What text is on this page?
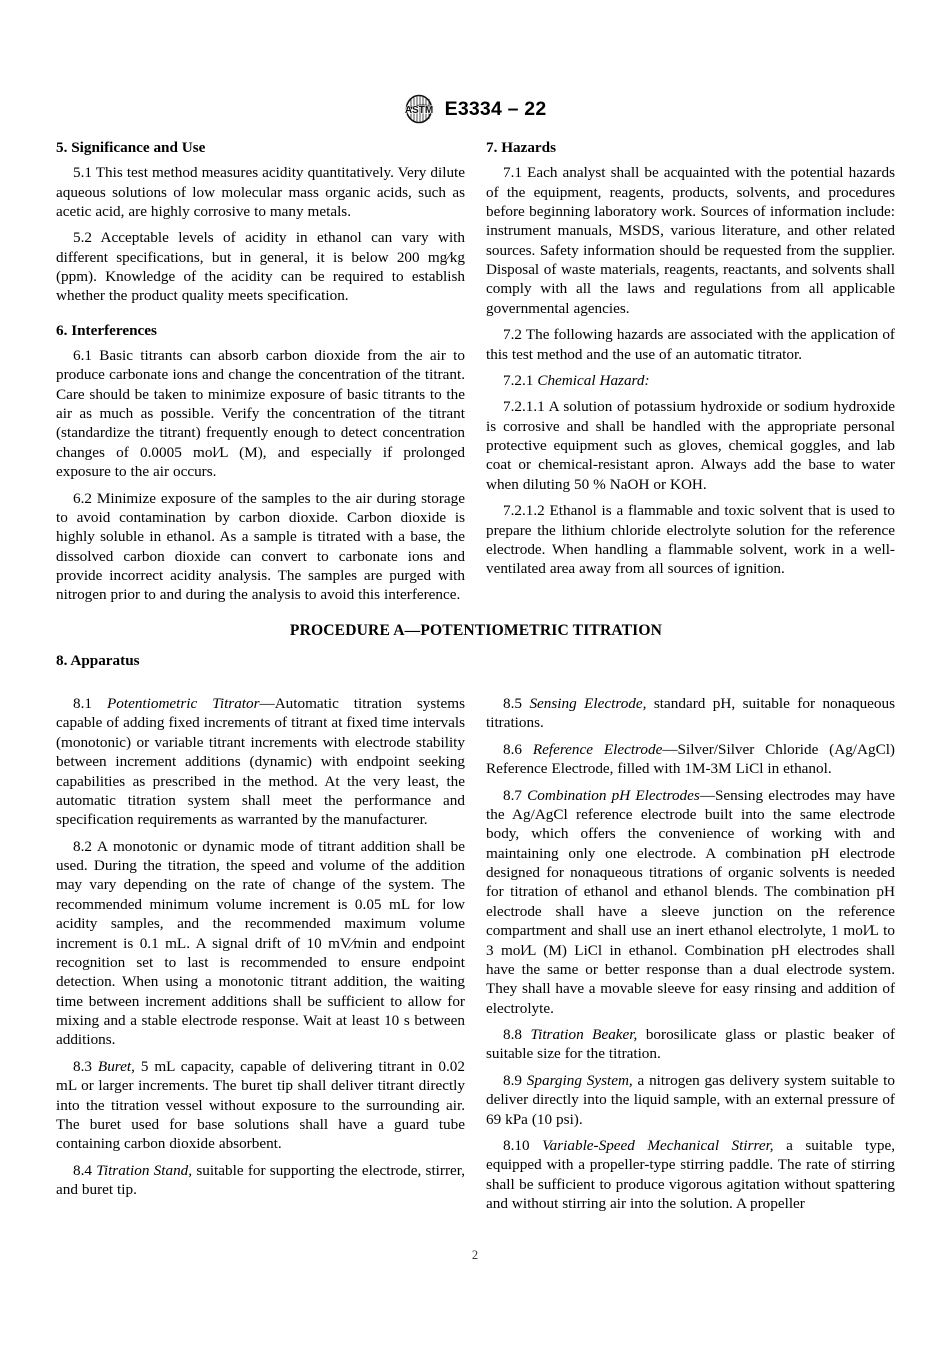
ASTM E3334 – 22
5. Significance and Use

5.1 This test method measures acidity quantitatively. Very dilute aqueous solutions of low molecular mass organic acids, such as acetic acid, are highly corrosive to many metals.

5.2 Acceptable levels of acidity in ethanol can vary with different specifications, but in general, it is below 200 mg∕kg (ppm). Knowledge of the acidity can be required to establish whether the product quality meets specification.

6. Interferences

6.1 Basic titrants can absorb carbon dioxide from the air to produce carbonate ions and change the concentration of the titrant. Care should be taken to minimize exposure of basic titrants to the air as much as possible. Verify the concentration of the titrant (standardize the titrant) frequently enough to detect concentration changes of 0.0005 mol∕L (M), and especially if prolonged exposure to the air occurs.

6.2 Minimize exposure of the samples to the air during storage to avoid contamination by carbon dioxide. Carbon dioxide is highly soluble in ethanol. As a sample is titrated with a base, the dissolved carbon dioxide can convert to carbonate ions and provide incorrect acidity analysis. The samples are purged with nitrogen prior to and during the analysis to avoid this interference.

7. Hazards

7.1 Each analyst shall be acquainted with the potential hazards of the equipment, reagents, products, solvents, and procedures before beginning laboratory work. Sources of information include: instrument manuals, MSDS, various literature, and other related sources. Safety information should be requested from the supplier. Disposal of waste materials, reagents, reactants, and solvents shall comply with all the laws and regulations from all applicable governmental agencies.

7.2 The following hazards are associated with the application of this test method and the use of an automatic titrator.

7.2.1 Chemical Hazard:

7.2.1.1 A solution of potassium hydroxide or sodium hydroxide is corrosive and shall be handled with the appropriate personal protective equipment such as gloves, chemical goggles, and lab coat or chemical-resistant apron. Always add the base to water when diluting 50 % NaOH or KOH.

7.2.1.2 Ethanol is a flammable and toxic solvent that is used to prepare the lithium chloride electrolyte solution for the reference electrode. When handling a flammable solvent, work in a well-ventilated area away from all sources of ignition.

PROCEDURE A—POTENTIOMETRIC TITRATION
8. Apparatus

8.1 Potentiometric Titrator—Automatic titration systems capable of adding fixed increments of titrant at fixed time intervals (monotonic) or variable titrant increments with electrode stability between increment additions (dynamic) with endpoint seeking capabilities as prescribed in the method. At the very least, the automatic titration system shall meet the performance and specification requirements as warranted by the manufacturer.

8.2 A monotonic or dynamic mode of titrant addition shall be used. During the titration, the speed and volume of the addition may vary depending on the rate of change of the system. The recommended minimum volume increment is 0.05 mL for low acidity samples, and the recommended maximum volume increment is 0.1 mL. A signal drift of 10 mV∕min and endpoint recognition set to last is recommended to ensure endpoint detection. When using a monotonic titrant addition, the waiting time between increment additions shall be sufficient to allow for mixing and a stable electrode response. Wait at least 10 s between additions.

8.3 Buret, 5 mL capacity, capable of delivering titrant in 0.02 mL or larger increments. The buret tip shall deliver titrant directly into the titration vessel without exposure to the surrounding air. The buret used for base solutions shall have a guard tube containing carbon dioxide absorbent.

8.4 Titration Stand, suitable for supporting the electrode, stirrer, and buret tip.

8.5 Sensing Electrode, standard pH, suitable for nonaqueous titrations.

8.6 Reference Electrode—Silver/Silver Chloride (Ag/AgCl) Reference Electrode, filled with 1M-3M LiCl in ethanol.

8.7 Combination pH Electrodes—Sensing electrodes may have the Ag/AgCl reference electrode built into the same electrode body, which offers the convenience of working with and maintaining only one electrode. A combination pH electrode designed for nonaqueous titrations of organic solvents is needed for titration of ethanol and ethanol blends. The combination pH electrode shall have a sleeve junction on the reference compartment and shall use an inert ethanol electrolyte, 1 mol∕L to 3 mol∕L (M) LiCl in ethanol. Combination pH electrodes shall have the same or better response than a dual electrode system. They shall have a movable sleeve for easy rinsing and addition of electrolyte.

8.8 Titration Beaker, borosilicate glass or plastic beaker of suitable size for the titration.

8.9 Sparging System, a nitrogen gas delivery system suitable to deliver directly into the liquid sample, with an external pressure of 69 kPa (10 psi).

8.10 Variable-Speed Mechanical Stirrer, a suitable type, equipped with a propeller-type stirring paddle. The rate of stirring shall be sufficient to produce vigorous agitation without spattering and without stirring air into the solution. A propeller

2
